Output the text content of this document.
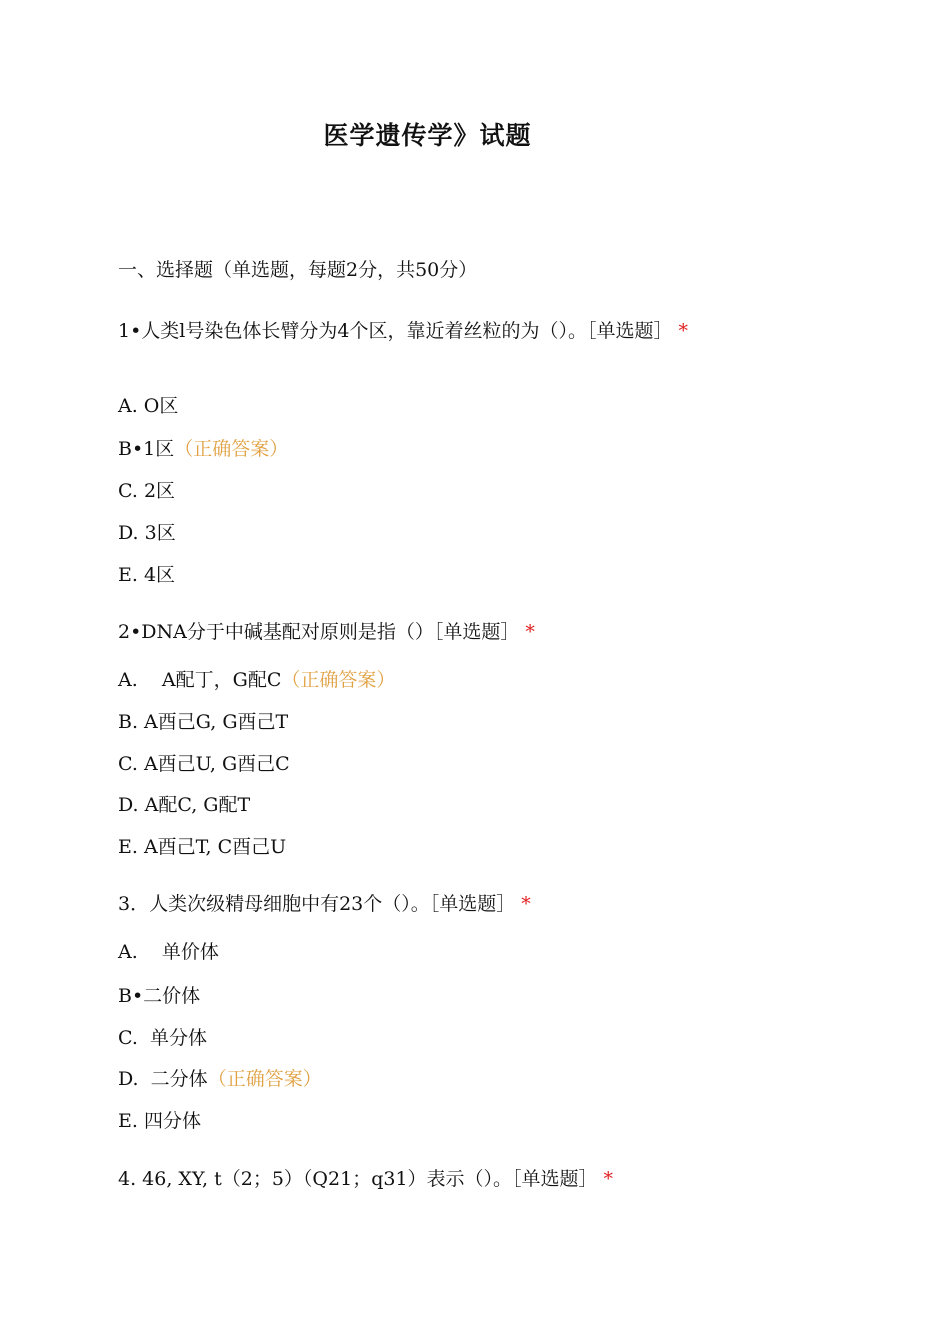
医学遗传学》试题
一、选择题（单选题，每题2分，共50分）
1•人类l号染色体长臂分为4个区，靠近着丝粒的为（）。［单选题］ *
A. O区
B•1区（正确答案）
C. 2区
D. 3区
E. 4区
2•DNA分于中碱基配对原则是指（）［单选题］ *
A.    A配丁，G配C（正确答案）
B. A酉己G, G酉己T
C. A酉己U, G酉己C
D. A配C, G配T
E. A酉己T, C酉己U
3．人类次级精母细胞中有23个（）。［单选题］ *
A.    单价体
B•二价体
C.  单分体
D.  二分体（正确答案）
E. 四分体
4. 46, XY, t（2；5）（Q21；q31）表示（）。［单选题］ *
